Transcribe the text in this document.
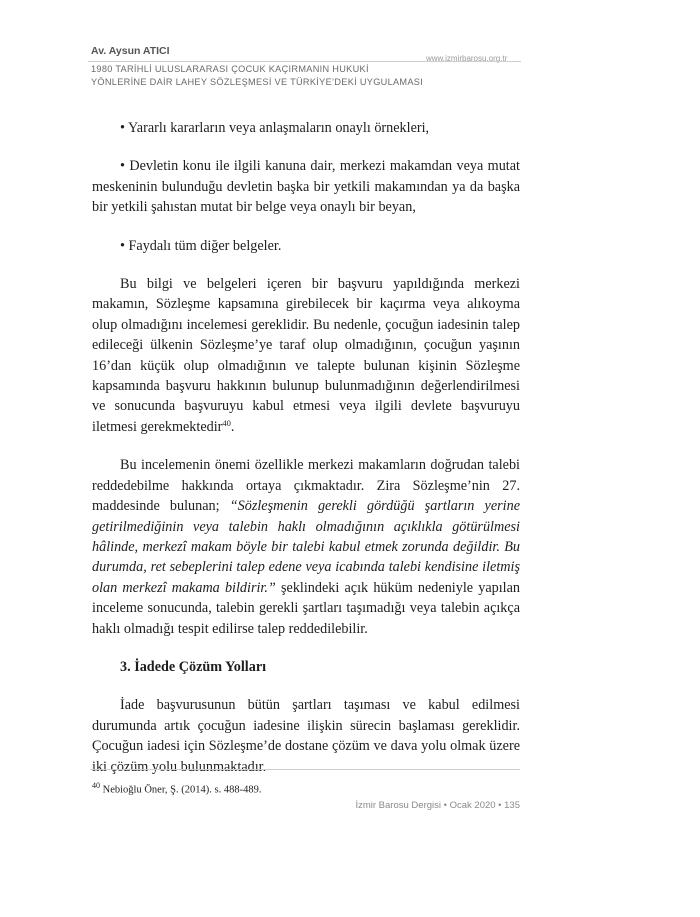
Av. Aysun ATICI
www.izmirbarosu.org.tr
1980 TARİHLİ ULUSLARARASI ÇOCUK KAÇIRMANIN HUKUKİ
YÖNLERİNE DAİR LAHEY SÖZLEŞMESİ VE TÜRKİYE’DEKİ UYGULAMASI

• Yararlı kararların veya anlaşmaların onaylı örnekleri,

• Devletin konu ile ilgili kanuna dair, merkezi makamdan veya mutat meskeninin bulunduğu devletin başka bir yetkili makamından ya da başka bir yetkili şahıstan mutat bir belge veya onaylı bir beyan,

• Faydalı tüm diğer belgeler.

Bu bilgi ve belgeleri içeren bir başvuru yapıldığında merkezi makamın, Sözleşme kapsamına girebilecek bir kaçırma veya alıkoyma olup olmadığını incelemesi gereklidir. Bu nedenle, çocuğun iadesinin talep edileceği ülkenin Sözleşme’ye taraf olup olmadığının, çocuğun yaşının 16’dan küçük olup olmadığının ve talepte bulunan kişinin Sözleşme kapsamında başvuru hakkının bulunup bulunmadığının değerlendirilmesi ve sonucunda başvuruyu kabul etmesi veya ilgili devlete başvuruyu iletmesi gerekmektedir$^{40}$.

Bu incelemenin önemi özellikle merkezi makamların doğrudan talebi reddedebilme hakkında ortaya çıkmaktadır. Zira Sözleşme’nin 27. maddesinde bulunan; “Sözleşmenin gerekli gördüğü şartların yerine getirilmediğinin veya talebin haklı olmadığının açıklıkla götürülmesi hâlinde, merkezî makam böyle bir talebi kabul etmek zorunda değildir. Bu durumda, ret sebeplerini talep edene veya icabında talebi kendisine iletmiş olan merkezî makama bildirir.” şeklindeki açık hüküm nedeniyle yapılan inceleme sonucunda, talebin gerekli şartları taşımadığı veya talebin açıkça haklı olmadığı tespit edilirse talep reddedilebilir.

3. İadede Çözüm Yolları

İade başvurusunun bütün şartları taşıması ve kabul edilmesi durumunda artık çocuğun iadesine ilişkin sürecin başlaması gereklidir. Çocuğun iadesi için Sözleşme’de dostane çözüm ve dava yolu olmak üzere iki çözüm yolu bulunmaktadır.

$^{40}$ Nebioğlu Öner, Ş. (2014). s. 488-489.
İzmir Barosu Dergisi • Ocak 2020 • 135
